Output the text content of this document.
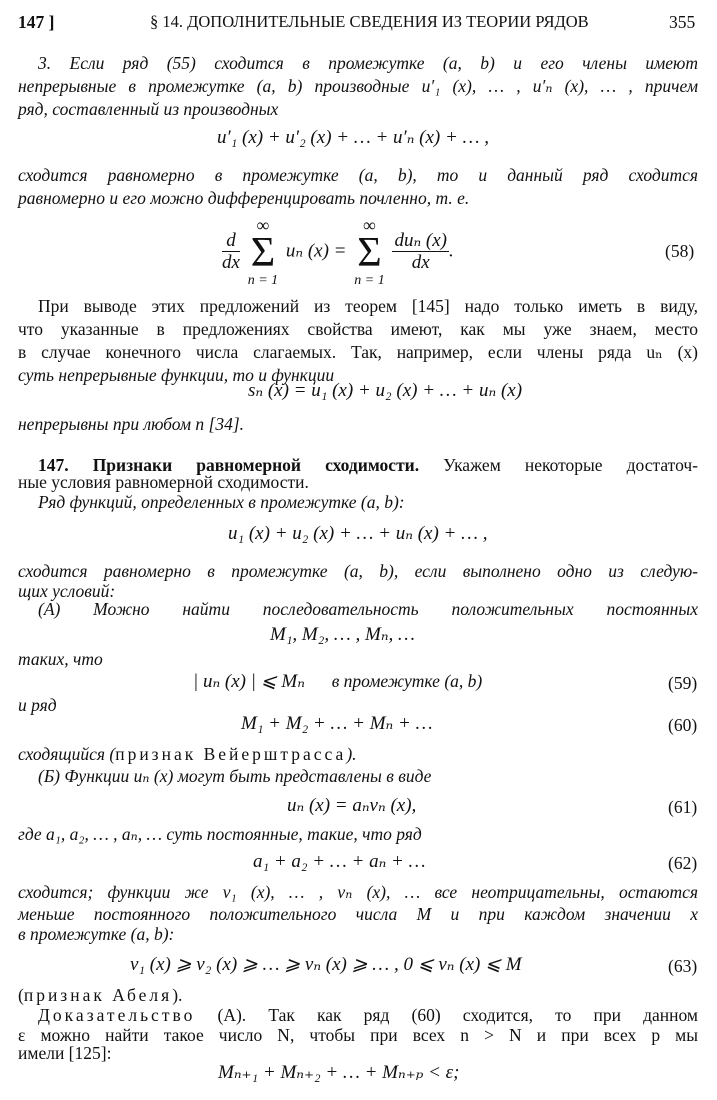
147 ]	§ 14. ДОПОЛНИТЕЛЬНЫЕ СВЕДЕНИЯ ИЗ ТЕОРИИ РЯДОВ	355
3. Если ряд (55) сходится в промежутке (a, b) и его члены имеют
непрерывные в промежутке (a, b) производные u′₁ (x), … , u′ₙ (x), … , причем
ряд, составленный из производных
u′₁ (x) + u′₂ (x) + … + u′ₙ (x) + … ,
сходится равномерно в промежутке (a, b), то и данный ряд сходится
равномерно и его можно дифференцировать почленно, т. е.
$\frac{d}{dx}$

∞
Σ
n = 1
uₙ (x) =
∞
Σ
n = 1

$\frac{\text{duₙ (x)}}{dx}$ .	(58)
При выводе этих предложений из теорем [145] надо только иметь в виду,
что указанные в предложениях свойства имеют, как мы уже знаем, место
в случае конечного числа слагаемых. Так, например, если члены ряда uₙ (x)
суть непрерывные функции, то и функции
sₙ (x) = u₁ (x) + u₂ (x) + … + uₙ (x)
непрерывны при любом n [34].
147. Признаки равномерной сходимости. Укажем некоторые достаточ-
ные условия равномерной сходимости.
Ряд функций, определенных в промежутке (a, b):
u₁ (x) + u₂ (x) + … + uₙ (x) + … ,
сходится равномерно в промежутке (a, b), если выполнено одно из следую-
щих условий:
(А) Можно найти последовательность положительных постоянных
M₁, M₂, … , Mₙ, …
таких, что
| uₙ (x) | ⩽ Mₙ в промежутке (a, b)	(59)
и ряд
M₁ + M₂ + … + Mₙ + …	(60)
сходящийся (признак Вейерштрасса).
(Б) Функции uₙ (x) могут быть представлены в виде
uₙ (x) = aₙvₙ (x),	(61)
где a₁, a₂, … , aₙ, … суть постоянные, такие, что ряд
a₁ + a₂ + … + aₙ + …	(62)
сходится; функции же v₁ (x), … , vₙ (x), … все неотрицательны, остаются
меньше постоянного положительного числа M и при каждом значении x
в промежутке (a, b):
v₁ (x) ⩾ v₂ (x) ⩾ … ⩾ vₙ (x) ⩾ … , 0 ⩽ vₙ (x) ⩽ M	(63)
(признак Абеля).
Доказательство (А). Так как ряд (60) сходится, то при данном
ε можно найти такое число N, чтобы при всех n > N и при всех p мы
имели [125]:
Mₙ₊₁ + Mₙ₊₂ + … + Mₙ₊ₚ < ε;
